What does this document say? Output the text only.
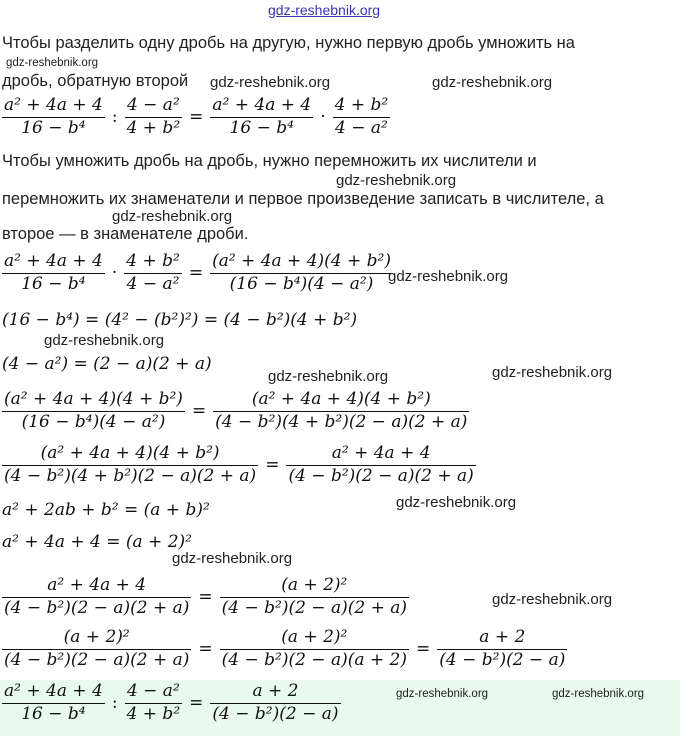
gdz-reshebnik.org
Чтобы разделить одну дробь на другую, нужно первую дробь умножить на
gdz-reshebnik.org
дробь, обратную второй gdz-reshebnik.org	gdz-reshebnik.org
$\frac{\text{a² + 4a + 4}}{\text{16 − b⁴}}$ : $\frac{\text{4 − a²}}{\text{4 + b²}} = \frac{\text{a² + 4a + 4}}{\text{16 − b⁴}} \cdot \frac{\text{4 + b²}}{\text{4 − a²}}$
Чтобы умножить дробь на дробь, нужно перемножить их числители и
gdz-reshebnik.org
перемножить их знаменатели и первое произведение записать в числителе, а
gdz-reshebnik.org
второе — в знаменателе дроби.
$\frac{\text{a² + 4a + 4}}{\text{16 − b⁴}} \cdot \frac{\text{4 + b²}}{\text{4 − a²}} = \frac{\text{(a² + 4a + 4)(4 + b²)}}{\text{(16 − b⁴)(4 − a²)}}$
gdz-reshebnik.org
(16 − b⁴) = (4² − (b²)²) = (4 − b²)(4 + b²)
gdz-reshebnik.org
(4 − a²) = (2 − a)(2 + a)
gdz-reshebnik.org	gdz-reshebnik.org
$\frac{\text{(a² + 4a + 4)(4 + b²)}}{\text{(16 − b⁴)(4 − a²)}} = \frac{\text{(a² + 4a + 4)(4 + b²)}}{\text{(4 − b²)(4 + b²)(2 − a)(2 + a)}}$
$\frac{\text{(a² + 4a + 4)(4 + b²)}}{\text{(4 − b²)(4 + b²)(2 − a)(2 + a)}} = \frac{\text{a² + 4a + 4}}{\text{(4 − b²)(2 − a)(2 + a)}}$
a² + 2ab + b² = (a + b)²	gdz-reshebnik.org
a² + 4a + 4 = (a + 2)²
gdz-reshebnik.org
$\frac{\text{a² + 4a + 4}}{\text{(4 − b²)(2 − a)(2 + a)}} = \frac{\text{(a + 2)²}}{\text{(4 − b²)(2 − a)(2 + a)}}$	gdz-reshebnik.org
$\frac{\text{(a + 2)²}}{\text{(4 − b²)(2 − a)(2 + a)}} = \frac{\text{(a + 2)²}}{\text{(4 − b²)(2 − a)(a + 2)}} = \frac{a + 2}{\text{(4 − b²)(2 − a)}}$
$\frac{\text{a² + 4a + 4}}{\text{16 − b⁴}}$ : $\frac{\text{4 − a²}}{\text{4 + b²}} = \frac{a + 2}{\text{(4 − b²)(2 − a)}}$	gdz-reshebnik.org	gdz-reshebnik.org
